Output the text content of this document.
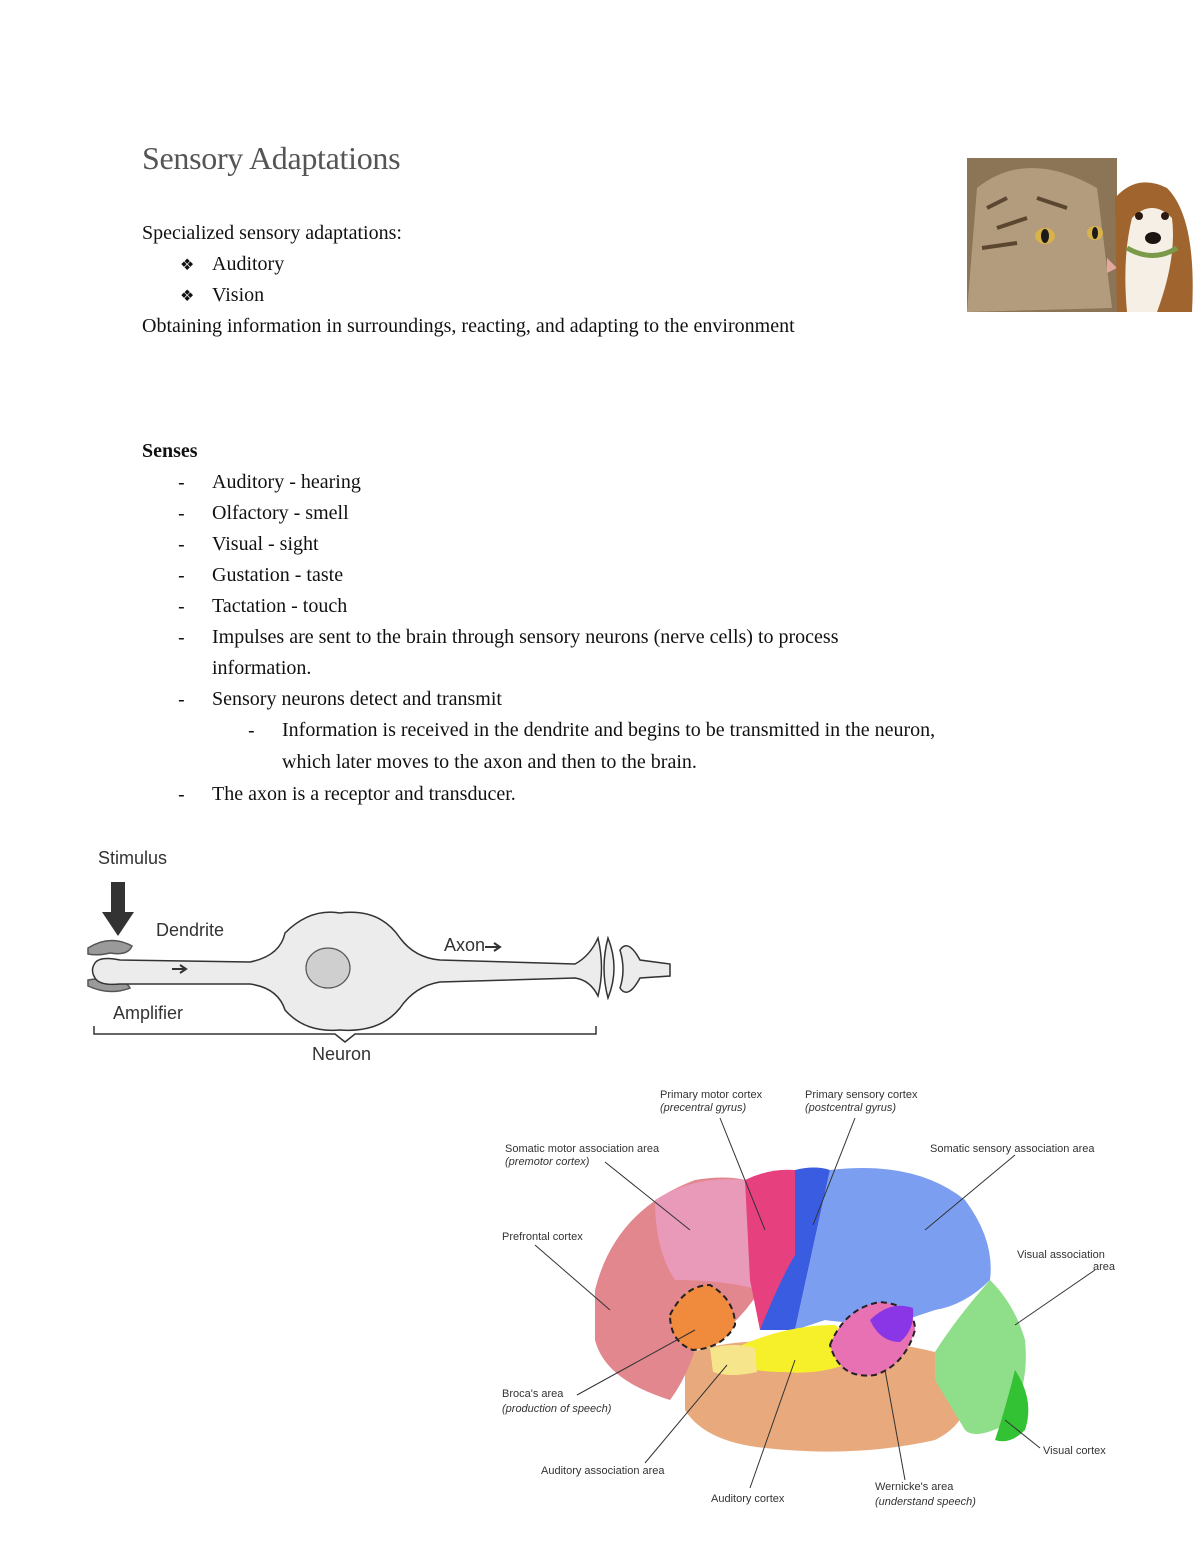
Sensory Adaptations
Specialized sensory adaptations:
❖ Auditory
❖ Vision
Obtaining information in surroundings, reacting, and adapting to the environment
Senses
- Auditory - hearing
- Olfactory - smell
- Visual - sight
- Gustation - taste
- Tactation - touch
- Impulses are sent to the brain through sensory neurons (nerve cells) to process
information.
- Sensory neurons detect and transmit
- Information is received in the dendrite and begins to be transmitted in the neuron,
which later moves to the axon and then to the brain.
- The axon is a receptor and transducer.
Stimulus
Dendrite
Axon
Amplifier
Neuron
Primary motor cortex
(precentral gyrus)
Primary sensory cortex
(postcentral gyrus)
Somatic motor association area
(premotor cortex)
Somatic sensory association area
Prefrontal cortex
Visual association
area
Broca's area
(production of speech)
Auditory association area
Auditory cortex
Wernicke's area
(understand speech)
Visual cortex
